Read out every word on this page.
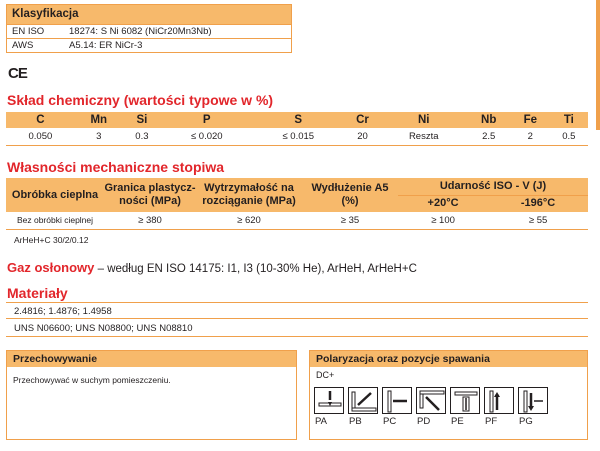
Klasyfikacja
EN ISO	18274: S Ni 6082 (NiCr20Mn3Nb)
AWS	A5.14: ER NiCr-3
CE
Skład chemiczny (wartości typowe w %)
C	Mn	Si	P	S	Cr	Ni	Nb	Fe	Ti
0.050	3	0.3	≤ 0.020	≤ 0.015	20	Reszta	2.5	2	0.5
Własności mechaniczne stopiwa
Obróbka cieplna	Granica plastycz-ności (MPa)	Wytrzymałość na rozciąganie (MPa)	Wydłużenie A5 (%)	Udarność ISO - V (J)	
				+20°C	-196°C
Bez obróbki cieplnej	≥ 380	≥ 620	≥ 35	≥ 100	≥ 55
ArHeH+C 30/2/0.12
Gaz osłonowy – według EN ISO 14175: I1, I3 (10-30% He), ArHeH, ArHeH+C
Materiały
2.4816; 1.4876; 1.4958
UNS N06600; UNS N08800; UNS N08810
Przechowywanie
Przechowywać w suchym pomieszczeniu.
Polaryzacja oraz pozycje spawania
DC+
PA	PB	PC	PD	PE	PF	PG
